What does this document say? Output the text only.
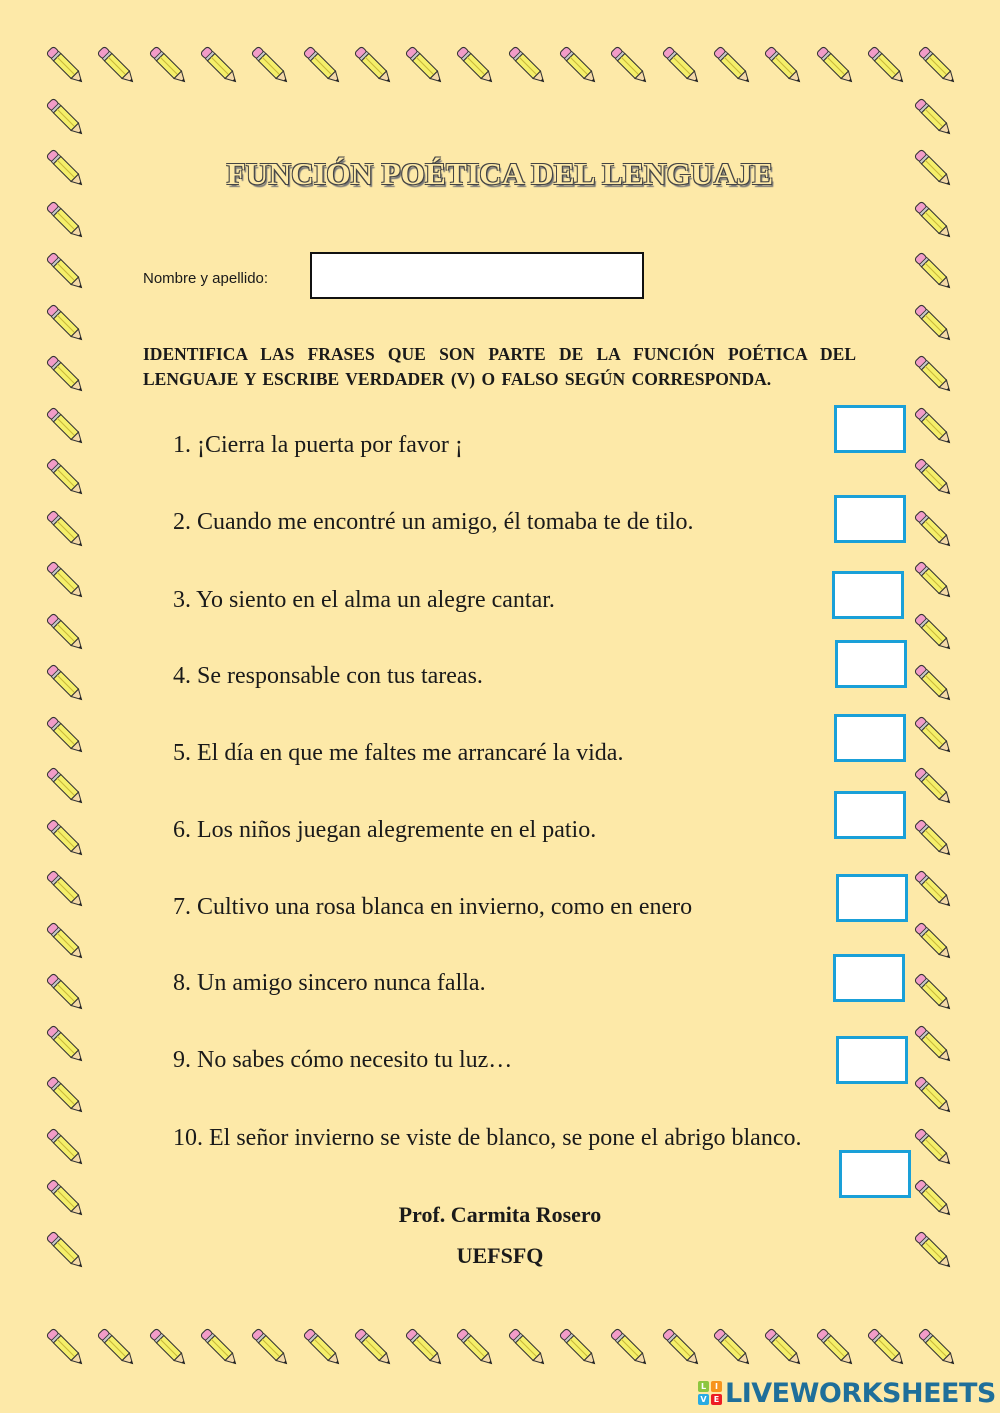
FUNCIÓN POÉTICA DEL LENGUAJE
Nombre y apellido:
IDENTIFICA LAS FRASES QUE SON PARTE DE LA FUNCIÓN POÉTICA DEL LENGUAJE Y ESCRIBE VERDADER (V) O FALSO SEGÚN CORRESPONDA.
1. ¡Cierra la puerta por favor ¡
2. Cuando me encontré un amigo, él tomaba te de tilo.
3. Yo siento en el alma un alegre cantar.
4. Se responsable con tus tareas.
5. El día en que me faltes me arrancaré la vida.
6. Los niños juegan alegremente en el patio.
7. Cultivo una rosa blanca en invierno, como en enero
8. Un amigo sincero nunca falla.
9. No sabes cómo necesito tu luz…
10. El señor invierno se viste de blanco, se pone el abrigo blanco.
Prof. Carmita Rosero
UEFSFQ
L	I
V E LIVEWORKSHEETS
